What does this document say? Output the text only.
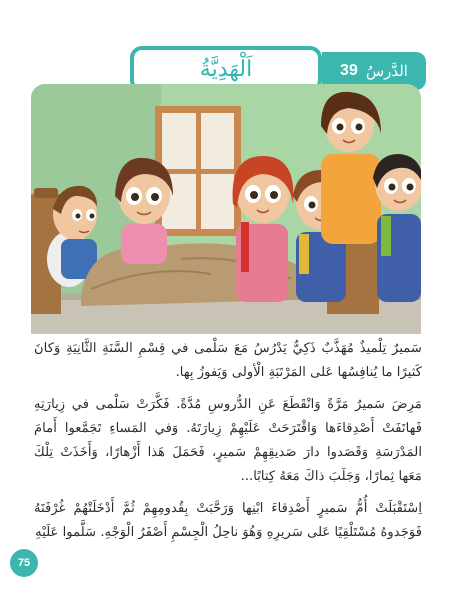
الدَّرسُ
39
اَلْهَدِيَّةُ

سَميرٌ تِلْميذٌ مُهَذَّبٌ ذَكِيٌّ يَدْرُسُ مَعَ سَلْمى في قِسْمِ السَّنَةِ الثَّانِيَةِ وَكانَ كَثيرًا ما يُنافِسُها عَلى المَرْتَبَةِ الْأولى وَيَفوزُ بِها.

مَرِضَ سَميرٌ مَرَّةً وَانْقَطَعَ عَنِ الدُّروسِ مُدَّةً. فَكَّرَتْ سَلْمى في زِيارَتِهِ فَهاتَفَتْ أَصْدِقاءَها وَاقْتَرَحَتْ عَلَيْهِمْ زِيارَتَهُ. وَفي المَساءِ تَجَمَّعوا أَمامَ المَدْرَسَةِ وَقَصَدوا دارَ صَديقِهِمْ سَميرٍ، فَحَمَلَ هَذا أَزْهارًا، وَأَخَذَتْ تِلْكَ مَعَها ثِمارًا، وَجَلَبَ ذاكَ مَعَهُ كِتابًا...

اِسْتَقْبَلَتْ أُمُّ سَميرٍ أَصْدِقاءَ ابْنِها وَرَحَّبَتْ بِقُدومِهِمْ ثُمَّ أَدْخَلَتْهُمْ غُرْفَتَهُ فَوَجَدوهُ مُسْتَلْقِيًا عَلى سَريرِهِ وَهُوَ ناحِلُ الْجِسْمِ أَصْفَرُ الْوَجْهِ. سَلَّموا عَلَيْهِ

75
